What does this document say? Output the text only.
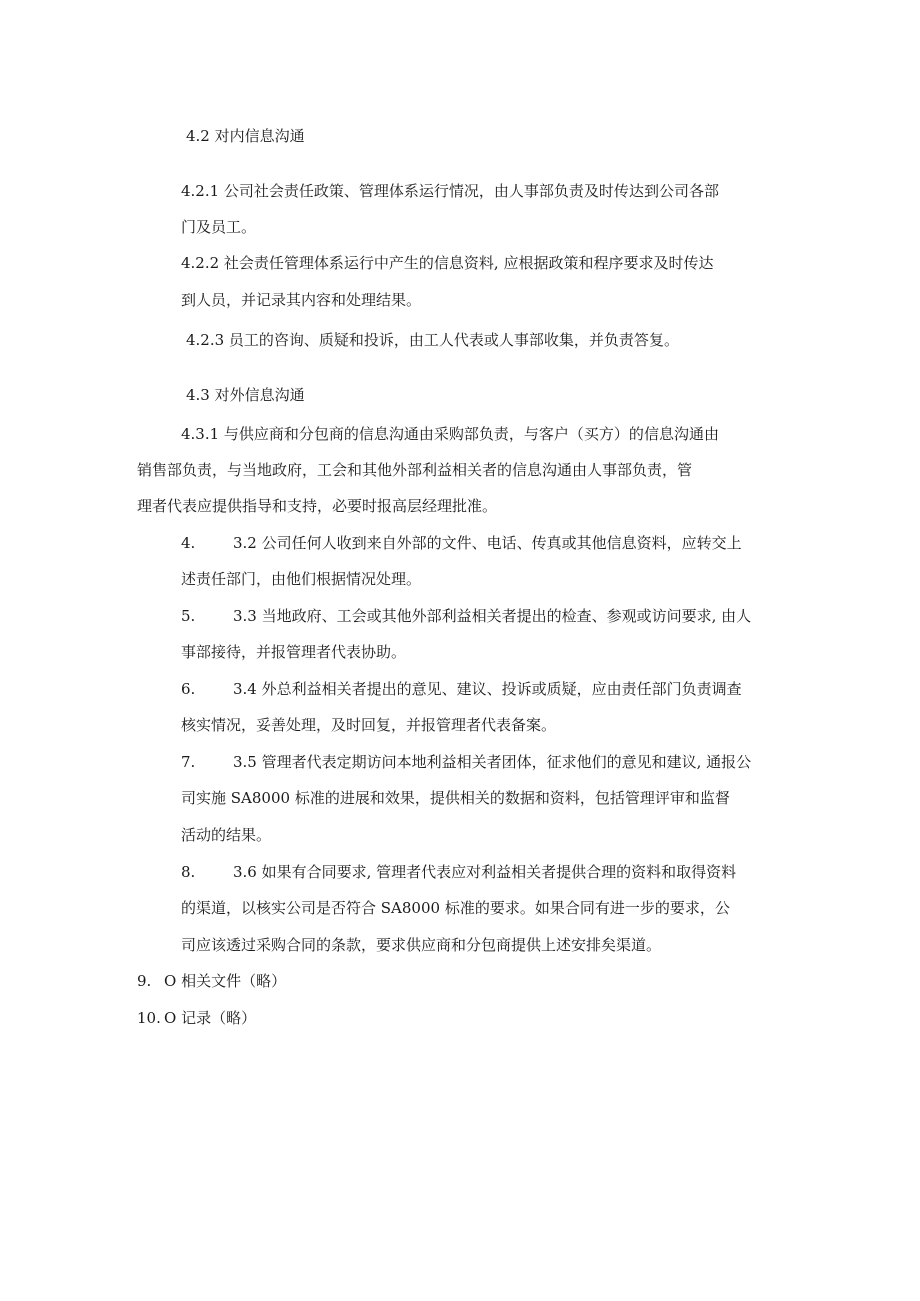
4.2 对内信息沟通
4.2.1 公司社会责任政策、管理体系运行情况，由人事部负责及时传达到公司各部
门及员工。
4.2.2 社会责任管理体系运行中产生的信息资料, 应根据政策和程序要求及时传达
到人员，并记录其内容和处理结果。
4.2.3 员工的咨询、质疑和投诉，由工人代表或人事部收集，并负责答复。
4.3 对外信息沟通
4.3.1 与供应商和分包商的信息沟通由采购部负责，与客户（买方）的信息沟通由
销售部负责，与当地政府，工会和其他外部利益相关者的信息沟通由人事部负责，管
理者代表应提供指导和支持，必要时报高层经理批准。
4.	3.2 公司任何人收到来自外部的文件、电话、传真或其他信息资料，应转交上
述责任部门，由他们根据情况处理。
5.	3.3 当地政府、工会或其他外部利益相关者提出的检查、参观或访问要求, 由人
事部接待，并报管理者代表协助。
6.	3.4 外总利益相关者提出的意见、建议、投诉或质疑，应由责任部门负责调查
核实情况，妥善处理，及时回复，并报管理者代表备案。
7.	3.5 管理者代表定期访问本地利益相关者团体，征求他们的意见和建议, 通报公
司实施 SA8000 标准的进展和效果，提供相关的数据和资料，包括管理评审和监督
活动的结果。
8.	3.6 如果有合同要求, 管理者代表应对利益相关者提供合理的资料和取得资料
的渠道，以核实公司是否符合 SA8000 标准的要求。如果合同有进一步的要求，公
司应该透过采购合同的条款，要求供应商和分包商提供上述安排矣渠道。
9. O 相关文件（略）
10. O 记录（略）
